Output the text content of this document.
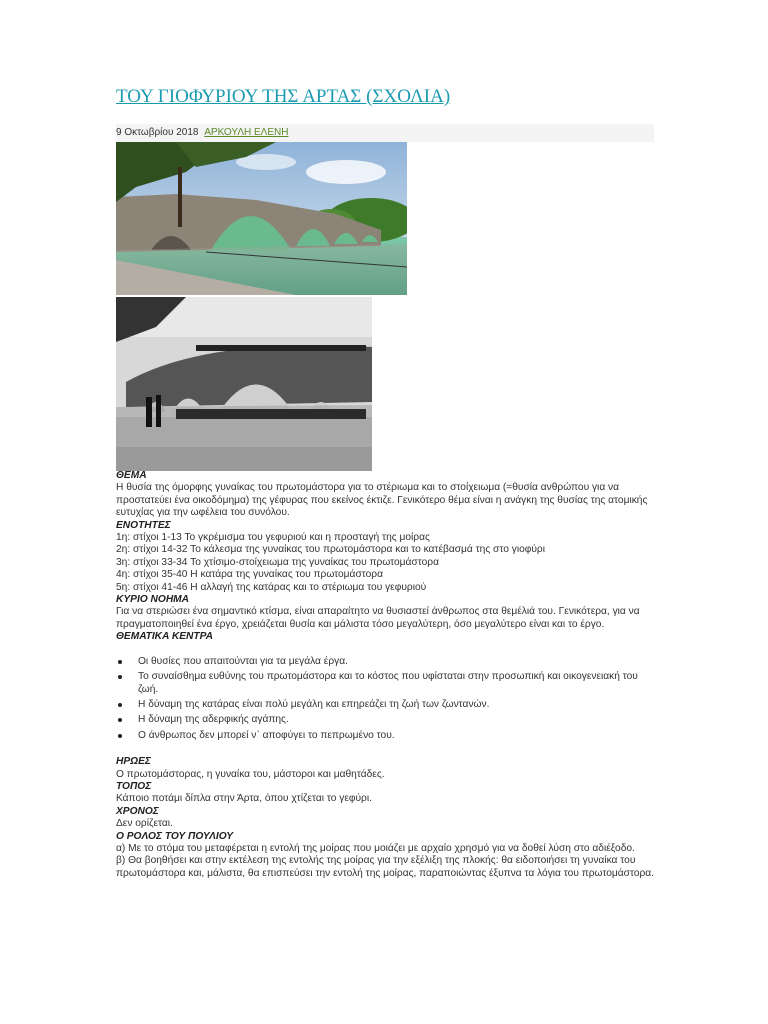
ΤΟΥ ΓΙΟΦΥΡΙΟΥ ΤΗΣ ΑΡΤΑΣ (ΣΧΟΛΙΑ)
9 Οκτωβρίου 2018 ΑΡΚΟΥΛΗ ΕΛΕΝΗ

ΘΕΜΑ

Η θυσία της όμορφης γυναίκας του πρωτομάστορα για το στέριωμα και το στοίχειωμα (=θυσία ανθρώπου για να προστατεύει ένα οικοδόμημα) της γέφυρας που εκείνος έκτιζε. Γενικότερο θέμα είναι η ανάγκη της θυσίας της ατομικής ευτυχίας για την ωφέλεια του συνόλου.

ΕΝΟΤΗΤΕΣ

1η: στίχοι 1-13 Το γκρέμισμα του γεφυριού και η προσταγή της μοίρας

2η: στίχοι 14-32 Το κάλεσμα της γυναίκας του πρωτομάστορα και το κατέβασμά της στο γιοφύρι

3η: στίχοι 33-34 Το χτίσιμο-στοίχειωμα της γυναίκας του πρωτομάστορα

4η: στίχοι 35-40 Η κατάρα της γυναίκας του πρωτομάστορα

5η: στίχοι 41-46 Η αλλαγή της κατάρας και το στέριωμα του γεφυριού

ΚΥΡΙΟ ΝΟΗΜΑ

Για να στεριώσει ένα σημαντικό κτίσμα, είναι απαραίτητο να θυσιαστεί άνθρωπος στα θεμέλιά του. Γενικότερα, για να πραγματοποιηθεί ένα έργο, χρειάζεται θυσία και μάλιστα τόσο μεγαλύτερη, όσο μεγαλύτερο είναι και το έργο.

ΘΕΜΑΤΙΚΑ ΚΕΝΤΡΑ

Οι θυσίες που απαιτούνται για τα μεγάλα έργα.
Το συναίσθημα ευθύνης του πρωτομάστορα και το κόστος που υφίσταται στην προσωπική και οικογενειακή του ζωή.
Η δύναμη της κατάρας είναι πολύ μεγάλη και επηρεάζει τη ζωή των ζωντανών.
Η δύναμη της αδερφικής αγάπης.
Ο άνθρωπος δεν μπορεί ν᾽ αποφύγει το πεπρωμένο του.

ΗΡΩΕΣ

Ο πρωτομάστορας, η γυναίκα του, μάστοροι και μαθητάδες.

ΤΟΠΟΣ

Κάποιο ποτάμι δίπλα στην Άρτα, όπου χτίζεται το γεφύρι.

ΧΡΟΝΟΣ

Δεν ορίζεται.

Ο ΡΟΛΟΣ ΤΟΥ ΠΟΥΛΙΟΥ

α) Με το στόμα του μεταφέρεται η εντολή της μοίρας που μοιάζει με αρχαίο χρησμό για να δοθεί λύση στο αδιέξοδο.

β) Θα βοηθήσει και στην εκτέλεση της εντολής της μοίρας για την εξέλιξη της πλοκής: θα ειδοποιήσει τη γυναίκα του πρωτομάστορα και, μάλιστα, θα επισπεύσει την εντολή της μοίρας, παραποιώντας έξυπνα τα λόγια του πρωτομάστορα.
